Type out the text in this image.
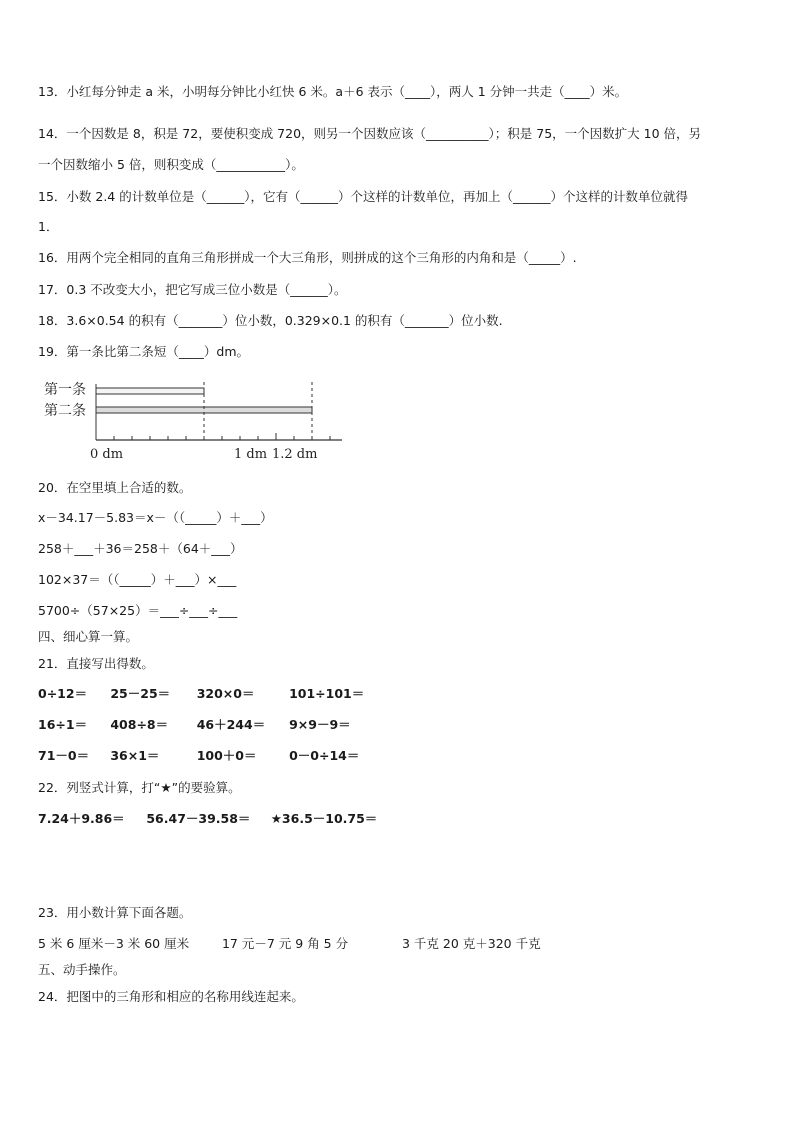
13．小红每分钟走 a 米，小明每分钟比小红快 6 米。a＋6 表示（____），两人 1 分钟一共走（____）米。
14．一个因数是 8，积是 72，要使积变成 720，则另一个因数应该（__________）；积是 75，一个因数扩大 10 倍，另
一个因数缩小 5 倍，则积变成（___________）。
15．小数 2.4 的计数单位是（______），它有（______）个这样的计数单位，再加上（______）个这样的计数单位就得
1．
16．用两个完全相同的直角三角形拼成一个大三角形，则拼成的这个三角形的内角和是（_____）.
17．0.3 不改变大小，把它写成三位小数是（______）。
18．3.6×0.54 的积有（_______）位小数，0.329×0.1 的积有（_______）位小数.
19．第一条比第二条短（____）dm。
第一条
第二条
0 dm	1 dm 1.2 dm
20．在空里填上合适的数。
x－34.17－5.83＝x－（（_____）＋___）
258＋___＋36＝258＋（64＋___）
102×37＝（（_____）＋___）×___
5700÷（57×25）＝___÷___÷___
四、细心算一算。
21．直接写出得数。
0÷12＝ 25－25＝ 320×0＝	101÷101＝
16÷1＝ 408÷8＝ 46＋244＝ 9×9－9＝
71－0＝ 36×1＝	100＋0＝	0－0÷14＝
22．列竖式计算，打“★”的要验算。
7.24＋9.86＝ 56.47－39.58＝ ★36.5－10.75＝
23．用小数计算下面各题。
5 米 6 厘米－3 米 60 厘米	17 元－7 元 9 角 5 分	3 千克 20 克＋320 千克
五、动手操作。
24．把图中的三角形和相应的名称用线连起来。
